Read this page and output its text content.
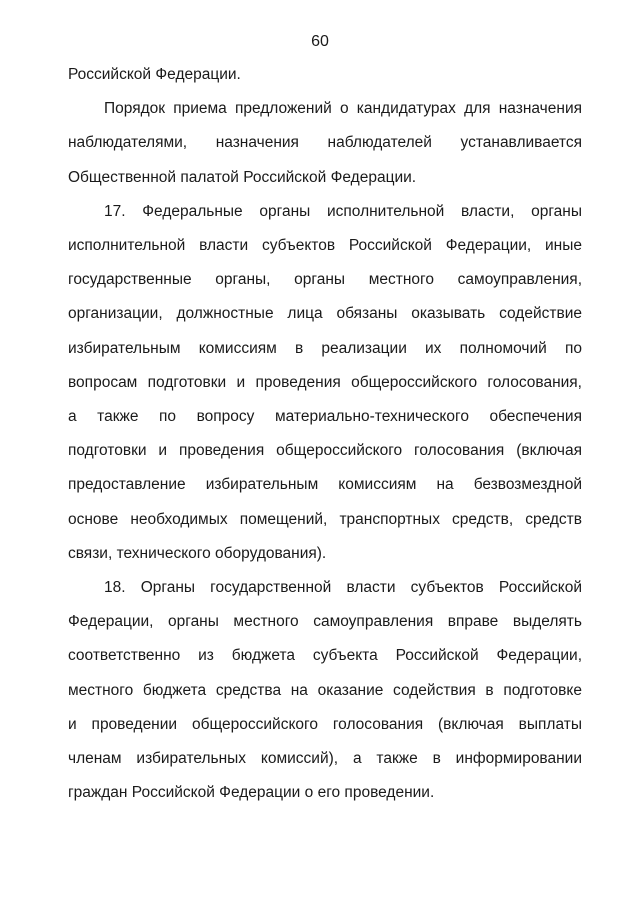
60

Российской Федерации.

Порядок приема предложений о кандидатурах для назначения
наблюдателями, назначения наблюдателей устанавливается
Общественной палатой Российской Федерации.

17. Федеральные органы исполнительной власти, органы
исполнительной власти субъектов Российской Федерации, иные
государственные органы, органы местного самоуправления,
организации, должностные лица обязаны оказывать содействие
избирательным комиссиям в реализации их полномочий по
вопросам подготовки и проведения общероссийского голосования,
а также по вопросу материально-технического обеспечения
подготовки и проведения общероссийского голосования (включая
предоставление избирательным комиссиям на безвозмездной
основе необходимых помещений, транспортных средств, средств
связи, технического оборудования).

18. Органы государственной власти субъектов Российской
Федерации, органы местного самоуправления вправе выделять
соответственно из бюджета субъекта Российской Федерации,
местного бюджета средства на оказание содействия в подготовке
и проведении общероссийского голосования (включая выплаты
членам избирательных комиссий), а также в информировании
граждан Российской Федерации о его проведении.
